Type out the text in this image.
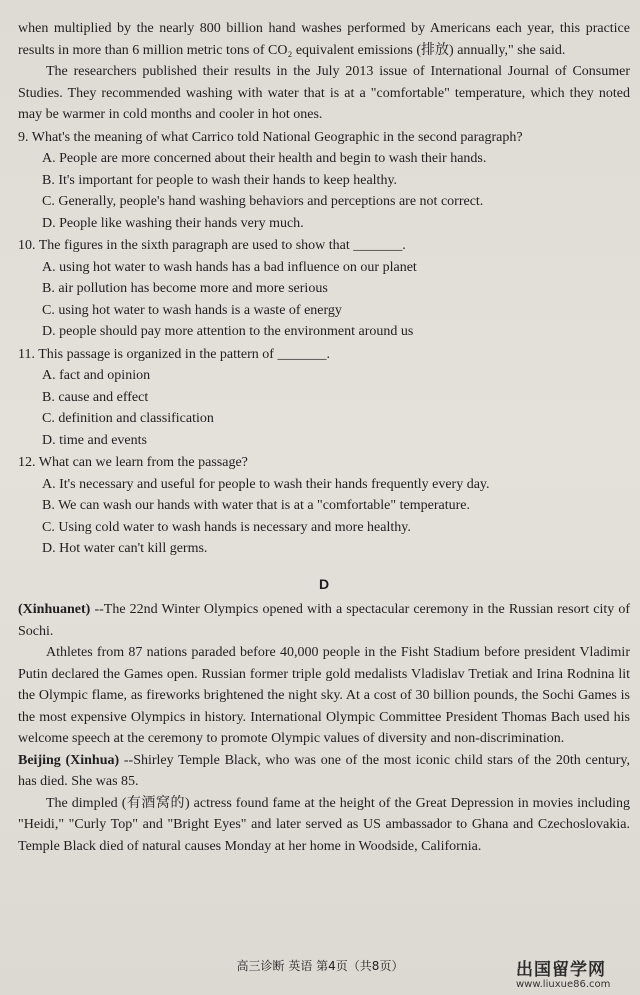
when multiplied by the nearly 800 billion hand washes performed by Americans each year, this practice results in more than 6 million metric tons of CO₂ equivalent emissions (排放) annually," she said.

The researchers published their results in the July 2013 issue of International Journal of Consumer Studies. They recommended washing with water that is at a "comfortable" temperature, which they noted may be warmer in cold months and cooler in hot ones.

9. What's the meaning of what Carrico told National Geographic in the second paragraph?

A. People are more concerned about their health and begin to wash their hands.

B. It's important for people to wash their hands to keep healthy.

C. Generally, people's hand washing behaviors and perceptions are not correct.

D. People like washing their hands very much.

10. The figures in the sixth paragraph are used to show that _______.

A. using hot water to wash hands has a bad influence on our planet

B. air pollution has become more and more serious

C. using hot water to wash hands is a waste of energy

D. people should pay more attention to the environment around us

11. This passage is organized in the pattern of _______.

A. fact and opinion

B. cause and effect

C. definition and classification

D. time and events

12. What can we learn from the passage?

A. It's necessary and useful for people to wash their hands frequently every day.

B. We can wash our hands with water that is at a "comfortable" temperature.

C. Using cold water to wash hands is necessary and more healthy.

D. Hot water can't kill germs.

D

(Xinhuanet) --The 22nd Winter Olympics opened with a spectacular ceremony in the Russian resort city of Sochi.

Athletes from 87 nations paraded before 40,000 people in the Fisht Stadium before president Vladimir Putin declared the Games open. Russian former triple gold medalists Vladislav Tretiak and Irina Rodnina lit the Olympic flame, as fireworks brightened the night sky. At a cost of 30 billion pounds, the Sochi Games is the most expensive Olympics in history. International Olympic Committee President Thomas Bach used his welcome speech at the ceremony to promote Olympic values of diversity and non-discrimination.

Beijing (Xinhua) --Shirley Temple Black, who was one of the most iconic child stars of the 20th century, has died. She was 85.

The dimpled (有酒窝的) actress found fame at the height of the Great Depression in movies including "Heidi," "Curly Top" and "Bright Eyes" and later served as US ambassador to Ghana and Czechoslovakia. Temple Black died of natural causes Monday at her home in Woodside, California.

高三诊断 英语 第4页（共8页）	出国留学网
www.liuxue86.com
